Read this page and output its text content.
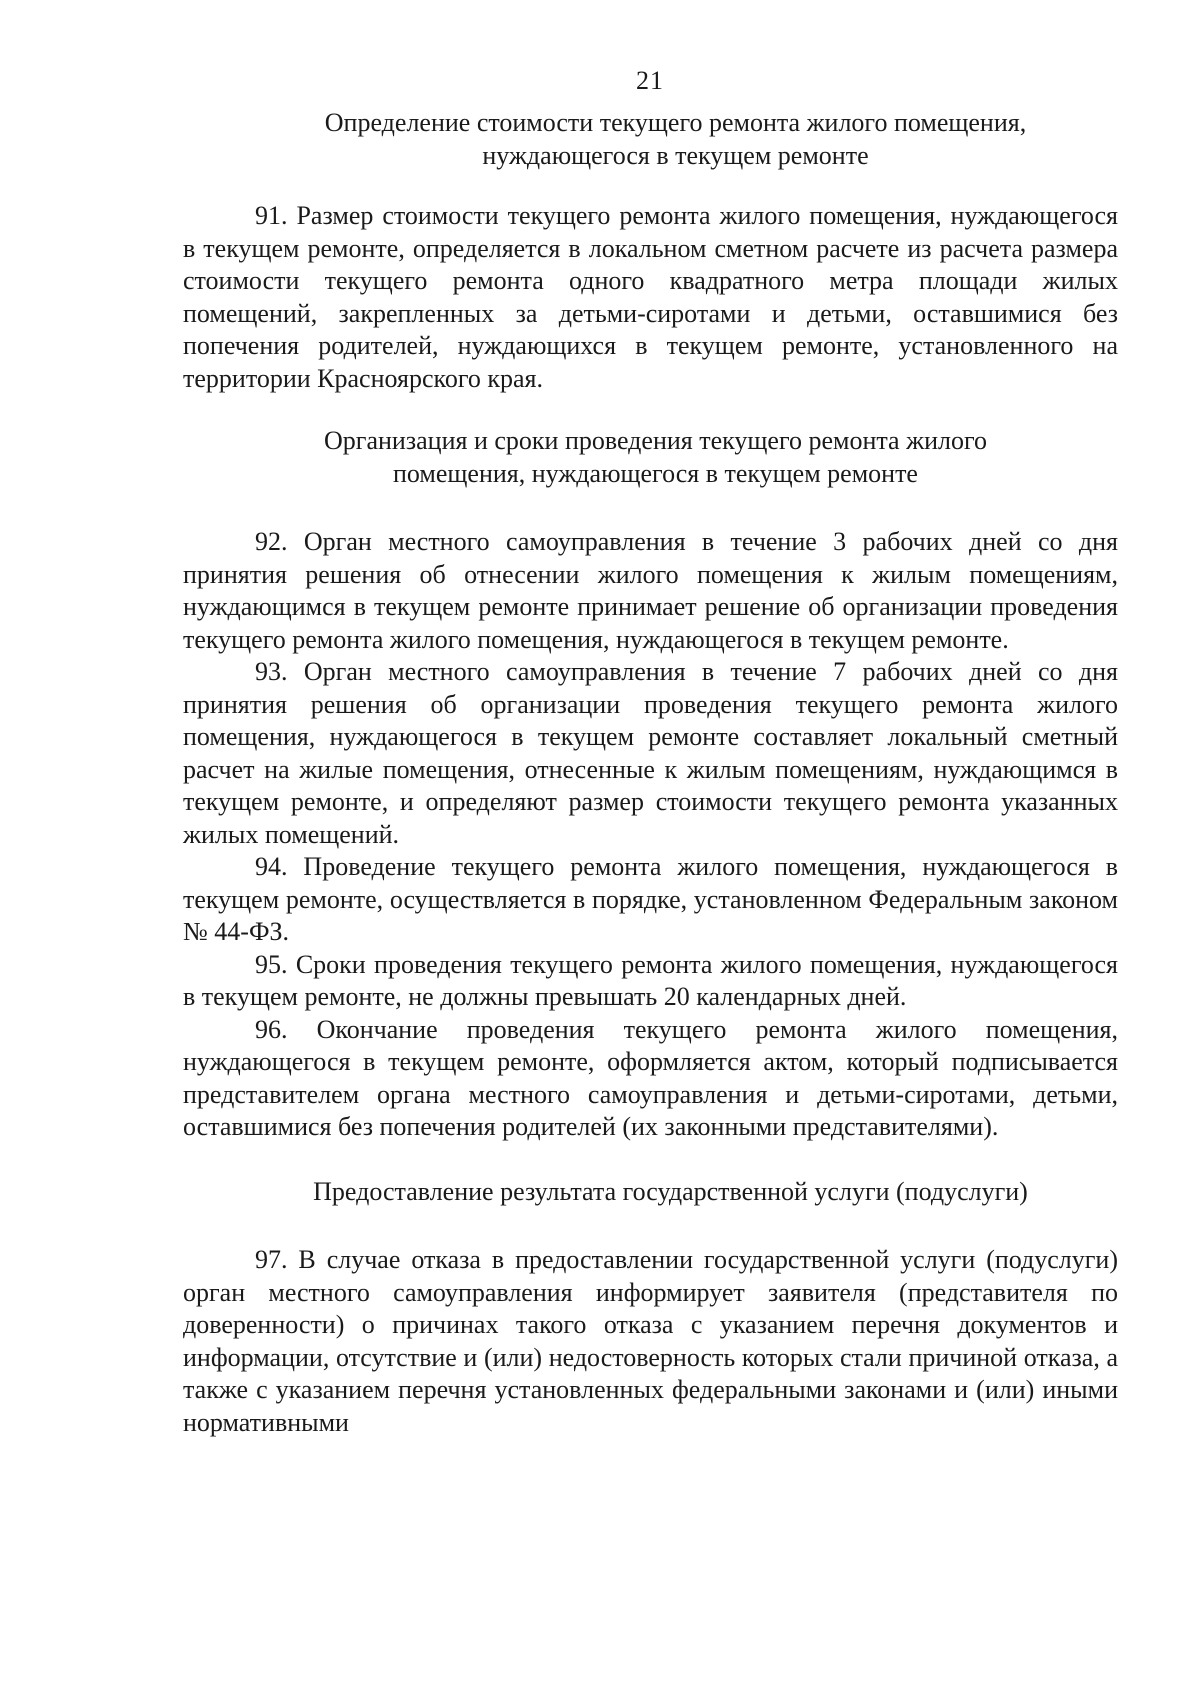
21

Определение стоимости текущего ремонта жилого помещения,
нуждающегося в текущем ремонте

91. Размер стоимости текущего ремонта жилого помещения, нуждающегося в текущем ремонте, определяется в локальном сметном расчете из расчета размера стоимости текущего ремонта одного квадратного метра площади жилых помещений, закрепленных за детьми-сиротами и детьми, оставшимися без попечения родителей, нуждающихся в текущем ремонте, установленного на территории Красноярского края.

Организация и сроки проведения текущего ремонта жилого
помещения, нуждающегося в текущем ремонте

92. Орган местного самоуправления в течение 3 рабочих дней со дня принятия решения об отнесении жилого помещения к жилым помещениям, нуждающимся в текущем ремонте принимает решение об организации проведения текущего ремонта жилого помещения, нуждающегося в текущем ремонте.

93. Орган местного самоуправления в течение 7 рабочих дней со дня принятия решения об организации проведения текущего ремонта жилого помещения, нуждающегося в текущем ремонте составляет локальный сметный расчет на жилые помещения, отнесенные к жилым помещениям, нуждающимся в текущем ремонте, и определяют размер стоимости текущего ремонта указанных жилых помещений.

94. Проведение текущего ремонта жилого помещения, нуждающегося в текущем ремонте, осуществляется в порядке, установленном Федеральным законом № 44-ФЗ.

95. Сроки проведения текущего ремонта жилого помещения, нуждающегося в текущем ремонте, не должны превышать 20 календарных дней.

96. Окончание проведения текущего ремонта жилого помещения, нуждающегося в текущем ремонте, оформляется актом, который подписывается представителем органа местного самоуправления и детьми-сиротами, детьми, оставшимися без попечения родителей (их законными представителями).

Предоставление результата государственной услуги (подуслуги)

97. В случае отказа в предоставлении государственной услуги (подуслуги) орган местного самоуправления информирует заявителя (представителя по доверенности) о причинах такого отказа с указанием перечня документов и информации, отсутствие и (или) недостоверность которых стали причиной отказа, а также с указанием перечня установленных федеральными законами и (или) иными нормативными
